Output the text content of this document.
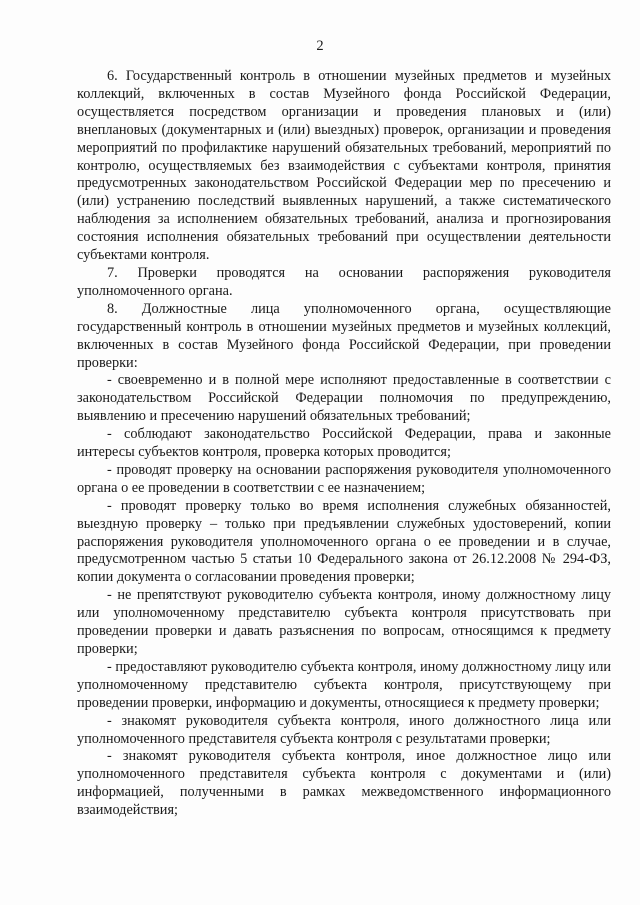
2

6. Государственный контроль в отношении музейных предметов и музейных коллекций, включенных в состав Музейного фонда Российской Федерации, осуществляется посредством организации и проведения плановых и (или) внеплановых (документарных и (или) выездных) проверок, организации и проведения мероприятий по профилактике нарушений обязательных требований, мероприятий по контролю, осуществляемых без взаимодействия с субъектами контроля, принятия предусмотренных законодательством Российской Федерации мер по пресечению и (или) устранению последствий выявленных нарушений, а также систематического наблюдения за исполнением обязательных требований, анализа и прогнозирования состояния исполнения обязательных требований при осуществлении деятельности субъектами контроля.

7. Проверки проводятся на основании распоряжения руководителя уполномоченного органа.

8. Должностные лица уполномоченного органа, осуществляющие государственный контроль в отношении музейных предметов и музейных коллекций, включенных в состав Музейного фонда Российской Федерации, при проведении проверки:

- своевременно и в полной мере исполняют предоставленные в соответствии с законодательством Российской Федерации полномочия по предупреждению, выявлению и пресечению нарушений обязательных требований;

- соблюдают законодательство Российской Федерации, права и законные интересы субъектов контроля, проверка которых проводится;

- проводят проверку на основании распоряжения руководителя уполномоченного органа о ее проведении в соответствии с ее назначением;

- проводят проверку только во время исполнения служебных обязанностей, выездную проверку – только при предъявлении служебных удостоверений, копии распоряжения руководителя уполномоченного органа о ее проведении и в случае, предусмотренном частью 5 статьи 10 Федерального закона от 26.12.2008 № 294-ФЗ, копии документа о согласовании проведения проверки;

- не препятствуют руководителю субъекта контроля, иному должностному лицу или уполномоченному представителю субъекта контроля присутствовать при проведении проверки и давать разъяснения по вопросам, относящимся к предмету проверки;

- предоставляют руководителю субъекта контроля, иному должностному лицу или уполномоченному представителю субъекта контроля, присутствующему при проведении проверки, информацию и документы, относящиеся к предмету проверки;

- знакомят руководителя субъекта контроля, иного должностного лица или уполномоченного представителя субъекта контроля с результатами проверки;

- знакомят руководителя субъекта контроля, иное должностное лицо или уполномоченного представителя субъекта контроля с документами и (или) информацией, полученными в рамках межведомственного информационного взаимодействия;
